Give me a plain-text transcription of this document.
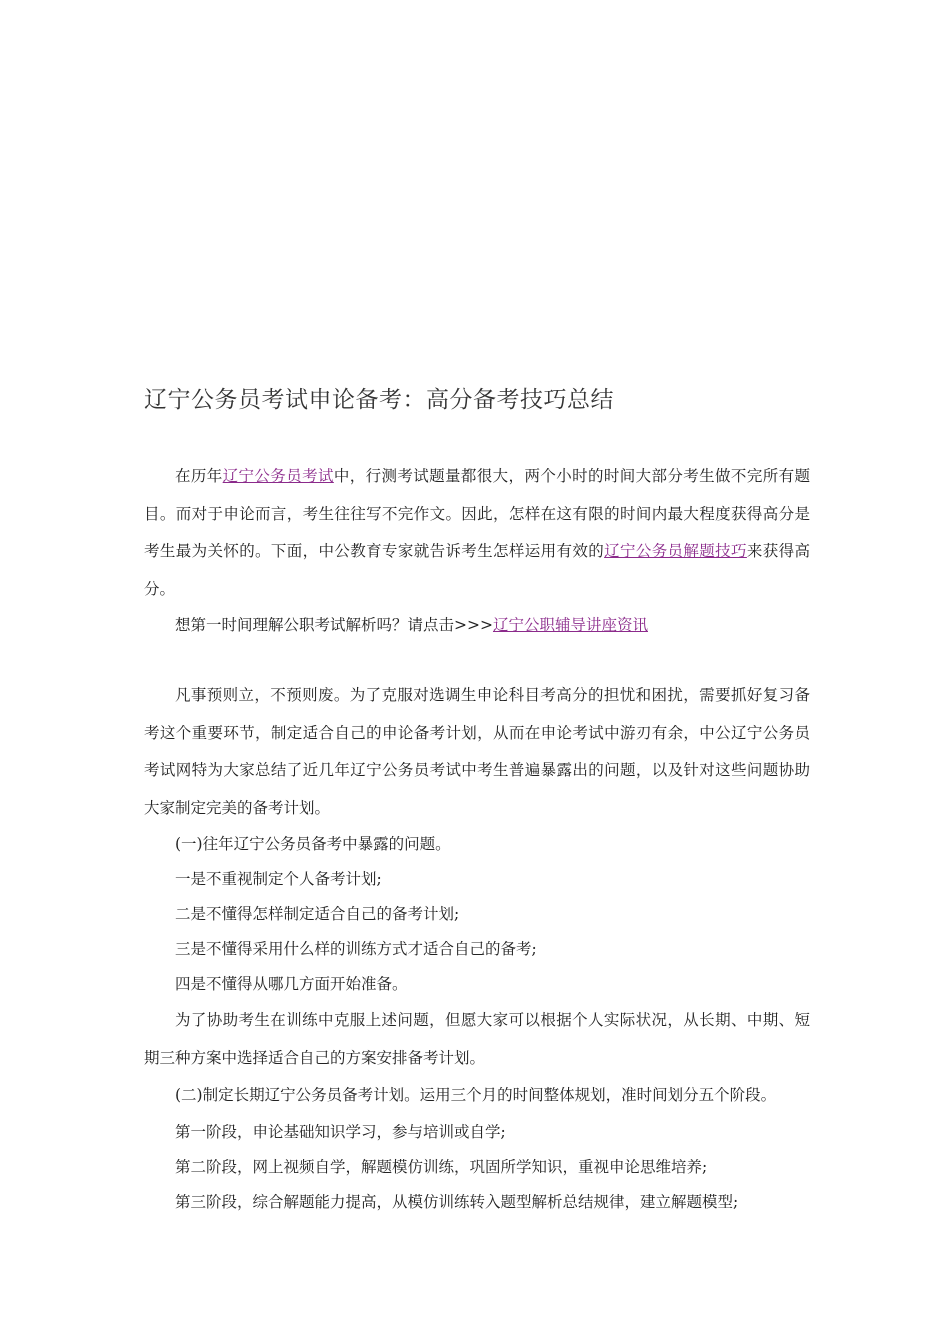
辽宁公务员考试申论备考：高分备考技巧总结

在历年辽宁公务员考试中，行测考试题量都很大，两个小时的时间大部分考生做不完所有题目。而对于申论而言，考生往往写不完作文。因此，怎样在这有限的时间内最大程度获得高分是考生最为关怀的。下面，中公教育专家就告诉考生怎样运用有效的辽宁公务员解题技巧来获得高分。

想第一时间理解公职考试解析吗？请点击>>>辽宁公职辅导讲座资讯

凡事预则立，不预则废。为了克服对选调生申论科目考高分的担忧和困扰，需要抓好复习备考这个重要环节，制定适合自己的申论备考计划，从而在申论考试中游刃有余，中公辽宁公务员考试网特为大家总结了近几年辽宁公务员考试中考生普遍暴露出的问题，以及针对这些问题协助大家制定完美的备考计划。

(一)往年辽宁公务员备考中暴露的问题。

一是不重视制定个人备考计划;

二是不懂得怎样制定适合自己的备考计划;

三是不懂得采用什么样的训练方式才适合自己的备考;

四是不懂得从哪几方面开始准备。

为了协助考生在训练中克服上述问题，但愿大家可以根据个人实际状况，从长期、中期、短期三种方案中选择适合自己的方案安排备考计划。

(二)制定长期辽宁公务员备考计划。运用三个月的时间整体规划，准时间划分五个阶段。

第一阶段，申论基础知识学习，参与培训或自学;

第二阶段，网上视频自学，解题模仿训练，巩固所学知识，重视申论思维培养;

第三阶段，综合解题能力提高，从模仿训练转入题型解析总结规律，建立解题模型;
